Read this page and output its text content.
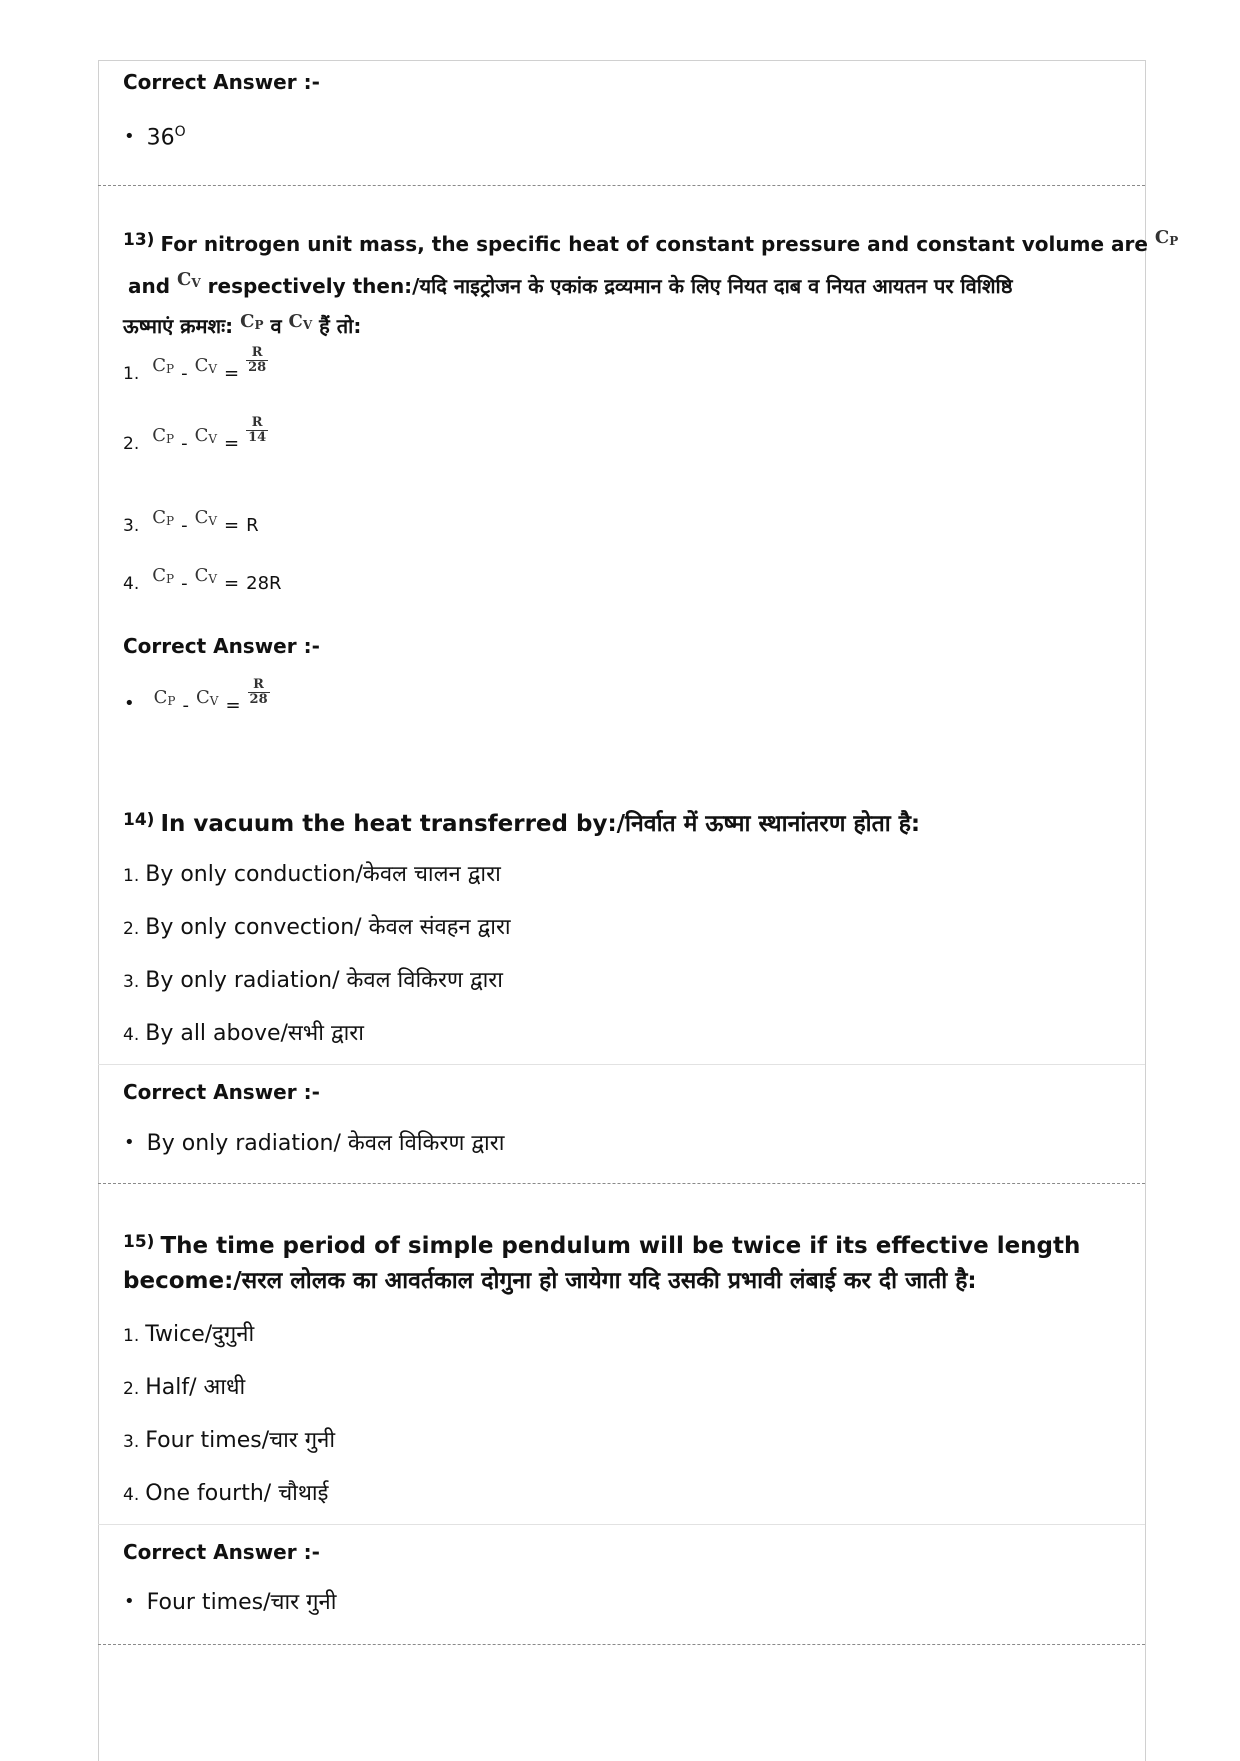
Correct Answer :-
• $36^O$
$^{13)}$ For nitrogen unit mass, the specific heat of constant pressure and constant volume are CP
and CV respectively then:/यदि नाइट्रोजन के एकांक द्रव्यमान के लिए नियत दाब व नियत आयतन पर विशिष्ठि
ऊष्माएं क्रमशः: CP व CV हैं तो:
1. $^{CP} - ^{CV} = \frac{R}{28}$
2. $^{CP} - ^{CV} = \frac{R}{14}$
3. $^{CP}$ - $^{CV}$ = R
4. $^{CP}$ - $^{CV}$ = 28R
Correct Answer :-
• $^{CP} - ^{CV} = \frac{R}{28}$
$^{14)}$ In vacuum the heat transferred by:/निर्वात में ऊष्मा स्थानांतरण होता है:
1. By only conduction/केवल चालन द्वारा
2. By only convection/ केवल संवहन द्वारा
3. By only radiation/ केवल विकिरण द्वारा
4. By all above/सभी द्वारा
Correct Answer :-
• By only radiation/ केवल विकिरण द्वारा
$^{15)}$ The time period of simple pendulum will be twice if its effective length
become:/सरल लोलक का आवर्तकाल दोगुना हो जायेगा यदि उसकी प्रभावी लंबाई कर दी जाती है:
1. Twice/दुगुनी
2. Half/ आधी
3. Four times/चार गुनी
4. One fourth/ चौथाई
Correct Answer :-
• Four times/चार गुनी
